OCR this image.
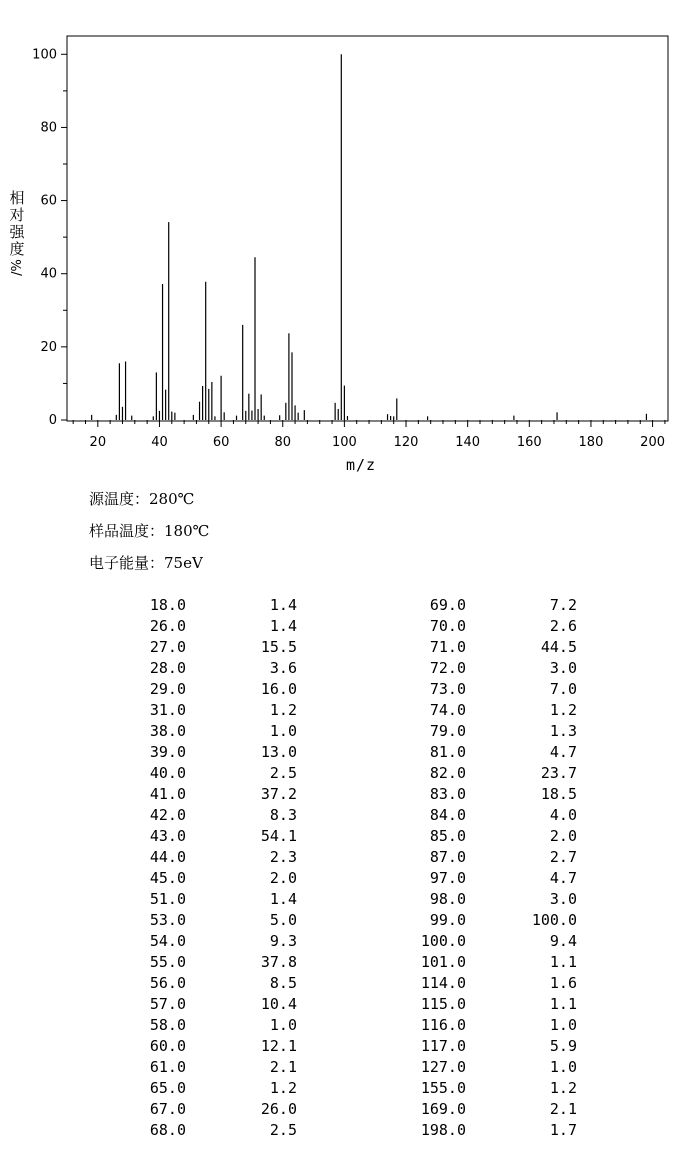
0
20
40
60
80
100
20	40	60	80	100	120	140	160	180	200
相
对
强
度
/%
m/z
源温度：280℃
样品温度：180℃
电子能量：75eV
18.0	1.4	69.0	7.2
26.0	1.4	70.0	2.6
27.0	15.5	71.0	44.5
28.0	3.6	72.0	3.0
29.0	16.0	73.0	7.0
31.0	1.2	74.0	1.2
38.0	1.0	79.0	1.3
39.0	13.0	81.0	4.7
40.0	2.5	82.0	23.7
41.0	37.2	83.0	18.5
42.0	8.3	84.0	4.0
43.0	54.1	85.0	2.0
44.0	2.3	87.0	2.7
45.0	2.0	97.0	4.7
51.0	1.4	98.0	3.0
53.0	5.0	99.0	100.0
54.0	9.3	100.0	9.4
55.0	37.8	101.0	1.1
56.0	8.5	114.0	1.6
57.0	10.4	115.0	1.1
58.0	1.0	116.0	1.0
60.0	12.1	117.0	5.9
61.0	2.1	127.0	1.0
65.0	1.2	155.0	1.2
67.0	26.0	169.0	2.1
68.0	2.5	198.0	1.7
